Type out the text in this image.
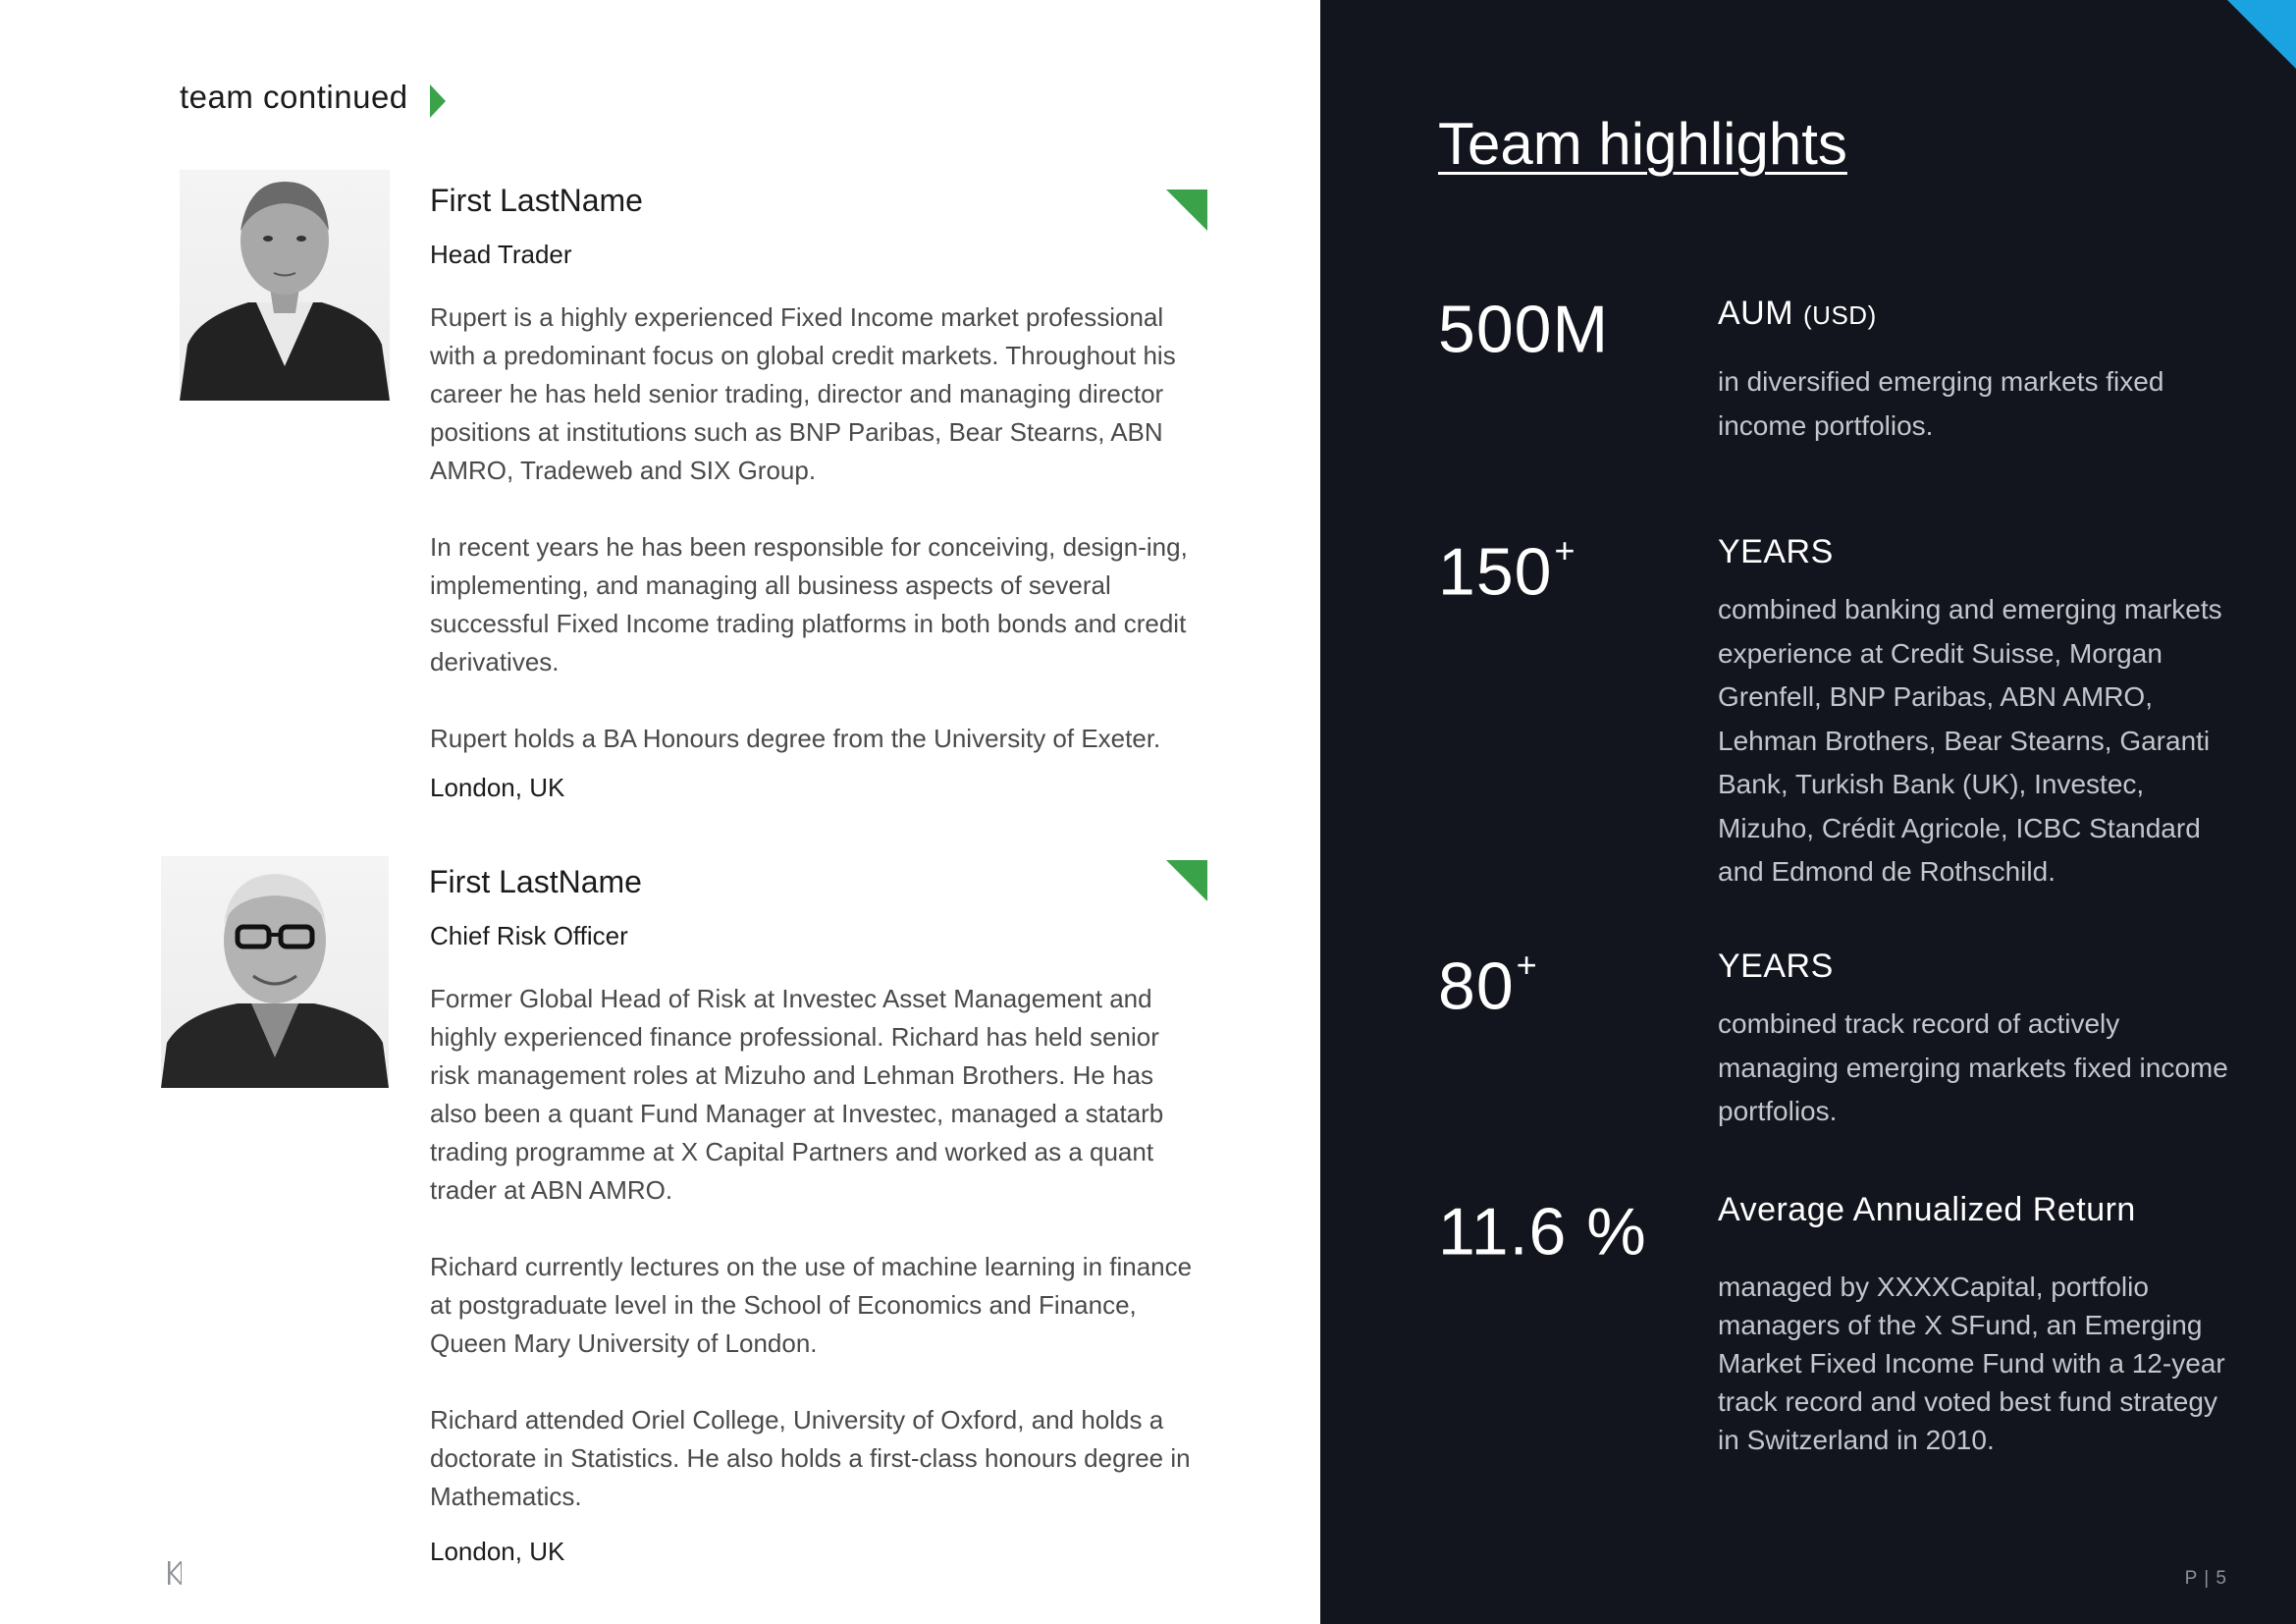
team continued
First LastName
Head Trader

Rupert is a highly experienced Fixed Income market professional with a predominant focus on global credit markets. Throughout his career he has held senior trading, director and managing director positions at institutions such as BNP Paribas, Bear Stearns, ABN AMRO, Tradeweb and SIX Group.

In recent years he has been responsible for conceiving, design-ing, implementing, and managing all business aspects of several successful Fixed Income trading platforms in both bonds and credit derivatives.

Rupert holds a BA Honours degree from the University of Exeter.

London, UK
First LastName
Chief Risk Officer

Former Global Head of Risk at Investec Asset Management and highly experienced finance professional. Richard has held senior risk management roles at Mizuho and Lehman Brothers. He has also been a quant Fund Manager at Investec, managed a statarb trading programme at X Capital Partners and worked as a quant trader at ABN AMRO.

Richard currently lectures on the use of machine learning in finance at postgraduate level in the School of Economics and Finance, Queen Mary University of London.

Richard attended Oriel College, University of Oxford, and holds a doctorate in Statistics. He also holds a first-class honours degree in Mathematics.

London, UK
Team highlights
500M	AUM (USD)
in diversified emerging markets fixed income portfolios.
150+	YEARS
combined banking and emerging markets experience at Credit Suisse, Morgan Grenfell, BNP Paribas, ABN AMRO, Lehman Brothers, Bear Stearns, Garanti Bank, Turkish Bank (UK), Investec, Mizuho, Crédit Agricole, ICBC Standard and Edmond de Rothschild.
80+	YEARS
combined track record of actively managing emerging markets fixed income portfolios.
11.6 % Average Annualized Return
managed by XXXXCapital, portfolio managers of the X SFund, an Emerging Market Fixed Income Fund with a 12-year track record and voted best fund strategy in Switzerland in 2010.
P | 5
